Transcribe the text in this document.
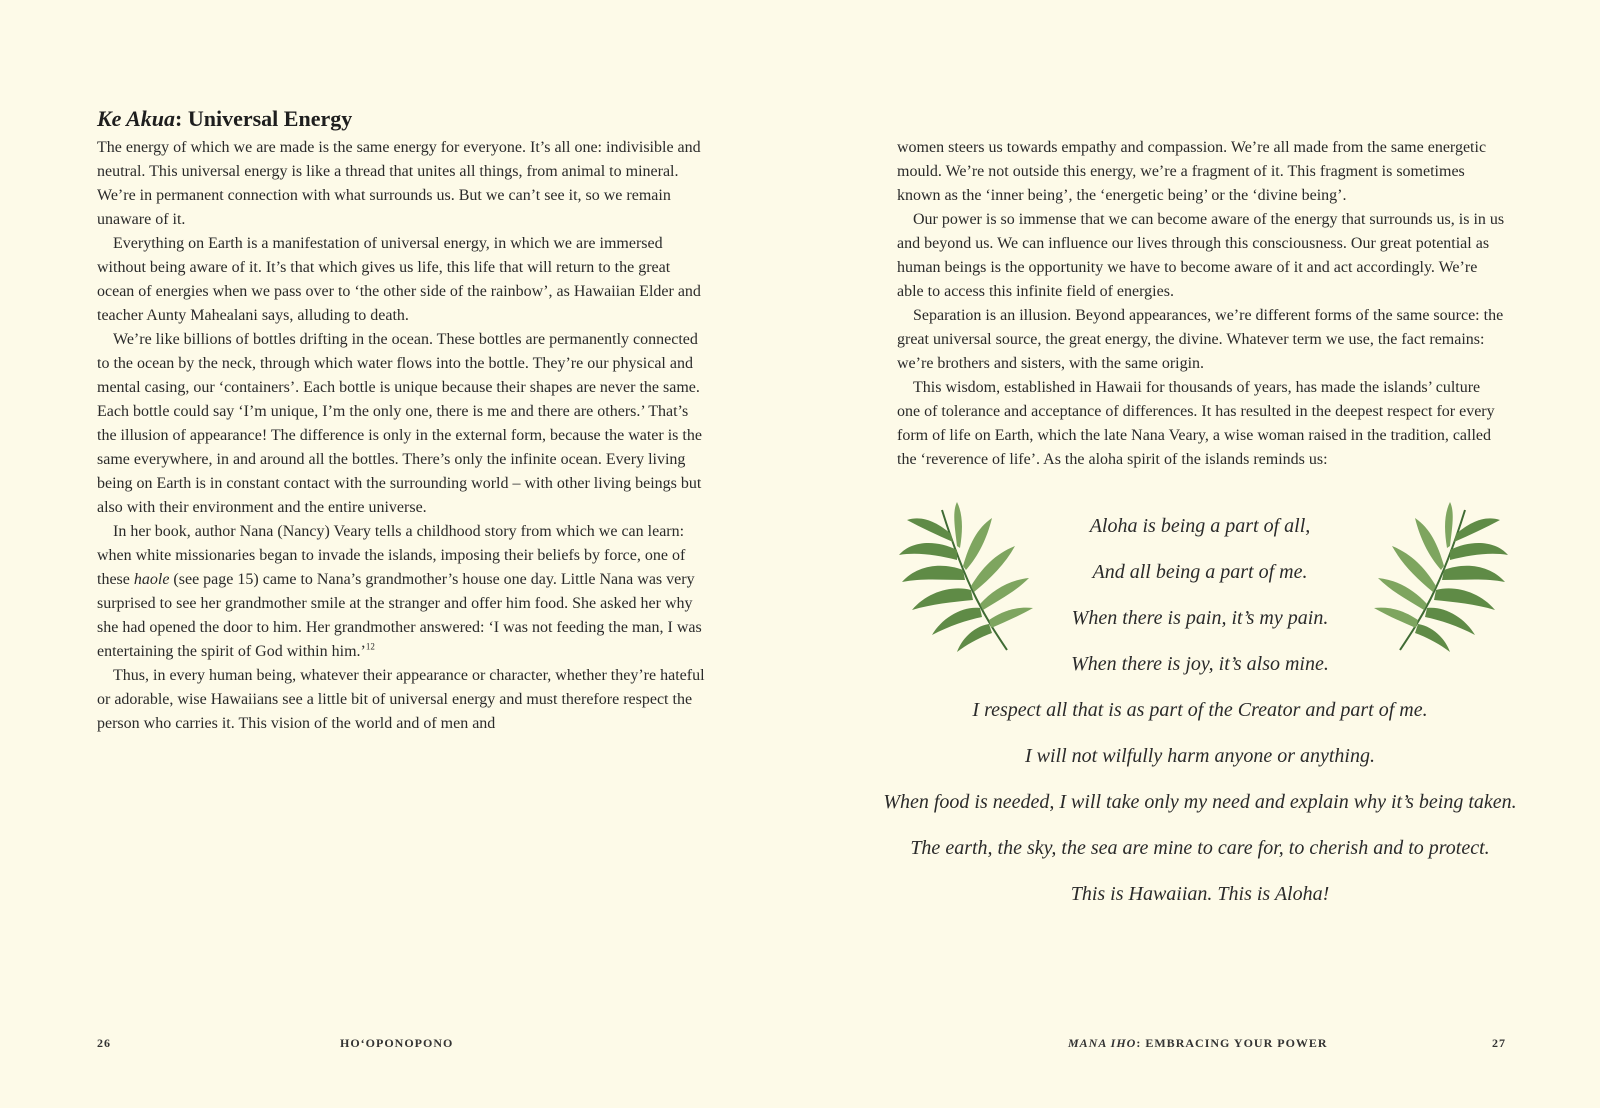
Ke Akua: Universal Energy

The energy of which we are made is the same energy for everyone. It’s all one: indivisible and neutral. This universal energy is like a thread that unites all things, from animal to mineral. We’re in permanent connection with what surrounds us. But we can’t see it, so we remain unaware of it.

Everything on Earth is a manifestation of universal energy, in which we are immersed without being aware of it. It’s that which gives us life, this life that will return to the great ocean of energies when we pass over to ‘the other side of the rainbow’, as Hawaiian Elder and teacher Aunty Mahealani says, alluding to death.

We’re like billions of bottles drifting in the ocean. These bottles are permanently connected to the ocean by the neck, through which water flows into the bottle. They’re our physical and mental casing, our ‘containers’. Each bottle is unique because their shapes are never the same. Each bottle could say ‘I’m unique, I’m the only one, there is me and there are others.’ That’s the illusion of appearance! The difference is only in the external form, because the water is the same everywhere, in and around all the bottles. There’s only the infinite ocean. Every living being on Earth is in constant contact with the surrounding world – with other living beings but also with their environment and the entire universe.

In her book, author Nana (Nancy) Veary tells a childhood story from which we can learn: when white missionaries began to invade the islands, imposing their beliefs by force, one of these haole (see page 15) came to Nana’s grandmother’s house one day. Little Nana was very surprised to see her grandmother smile at the stranger and offer him food. She asked her why she had opened the door to him. Her grandmother answered: ‘I was not feeding the man, I was entertaining the spirit of God within him.’$^{12}$

Thus, in every human being, whatever their appearance or character, whether they’re hateful or adorable, wise Hawaiians see a little bit of universal energy and must therefore respect the person who carries it. This vision of the world and of men and

26	HO‘OPONOPONO

women steers us towards empathy and compassion. We’re all made from the same energetic mould. We’re not outside this energy, we’re a fragment of it. This fragment is sometimes known as the ‘inner being’, the ‘energetic being’ or the ‘divine being’.

Our power is so immense that we can become aware of the energy that surrounds us, is in us and beyond us. We can influence our lives through this consciousness. Our great potential as human beings is the opportunity we have to become aware of it and act accordingly. We’re able to access this infinite field of energies.

Separation is an illusion. Beyond appearances, we’re different forms of the same source: the great universal source, the great energy, the divine. Whatever term we use, the fact remains: we’re brothers and sisters, with the same origin.

This wisdom, established in Hawaii for thousands of years, has made the islands’ culture one of tolerance and acceptance of differences. It has resulted in the deepest respect for every form of life on Earth, which the late Nana Veary, a wise woman raised in the tradition, called the ‘reverence of life’. As the aloha spirit of the islands reminds us:

Aloha is being a part of all,
And all being a part of me.
When there is pain, it’s my pain.
When there is joy, it’s also mine.
I respect all that is as part of the Creator and part of me.
I will not wilfully harm anyone or anything.
When food is needed, I will take only my need and explain why it’s being taken.
The earth, the sky, the sea are mine to care for, to cherish and to protect.
This is Hawaiian. This is Aloha!
MANA IHO: EMBRACING YOUR POWER	27
